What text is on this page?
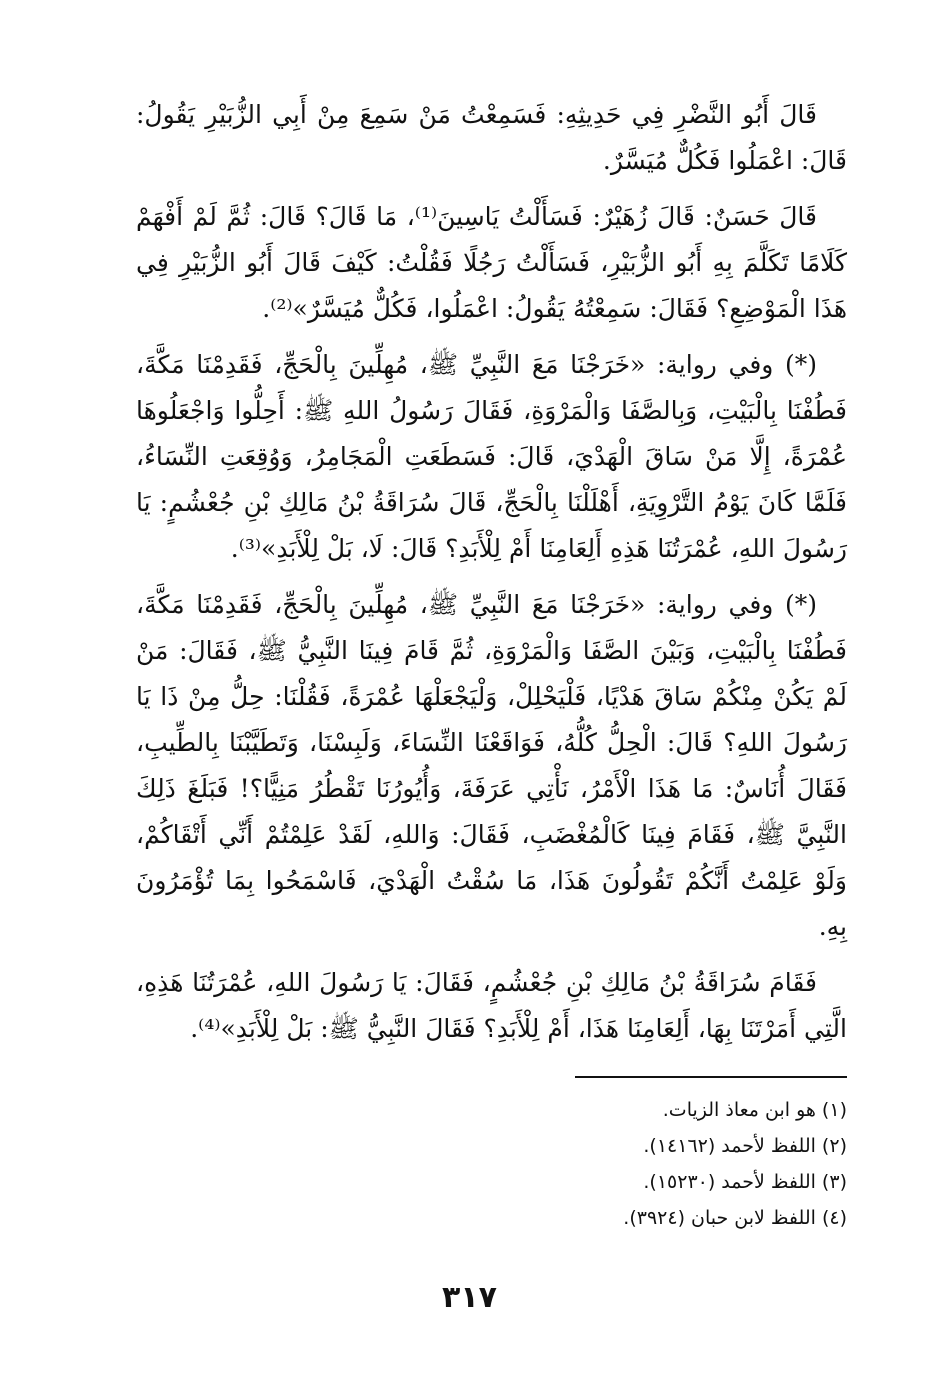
قَالَ أَبُو النَّضْرِ فِي حَدِيثِهِ: فَسَمِعْتُ مَنْ سَمِعَ مِنْ أَبِي الزُّبَيْرِ يَقُولُ: قَالَ: اعْمَلُوا فَكُلٌّ مُيَسَّرٌ.

قَالَ حَسَنٌ: قَالَ زُهَيْرٌ: فَسَأَلْتُ يَاسِينَ⁽¹⁾، مَا قَالَ؟ قَالَ: ثُمَّ لَمْ أَفْهَمْ كَلَامًا تَكَلَّمَ بِهِ أَبُو الزُّبَيْرِ، فَسَأَلْتُ رَجُلًا فَقُلْتُ: كَيْفَ قَالَ أَبُو الزُّبَيْرِ فِي هَذَا الْمَوْضِعِ؟ فَقَالَ: سَمِعْتُهُ يَقُولُ: اعْمَلُوا، فَكُلٌّ مُيَسَّرٌ»⁽²⁾.

(*) وفي رواية: «خَرَجْنَا مَعَ النَّبِيِّ ﷺ، مُهِلِّينَ بِالْحَجِّ، فَقَدِمْنَا مَكَّةَ، فَطُفْنَا بِالْبَيْتِ، وَبِالصَّفَا وَالْمَرْوَةِ، فَقَالَ رَسُولُ اللهِ ﷺ: أَحِلُّوا وَاجْعَلُوهَا عُمْرَةً، إِلَّا مَنْ سَاقَ الْهَدْيَ، قَالَ: فَسَطَعَتِ الْمَجَامِرُ، وَوُقِعَتِ النِّسَاءُ، فَلَمَّا كَانَ يَوْمُ التَّرْوِيَةِ، أَهْلَلْنَا بِالْحَجِّ، قَالَ سُرَاقَةُ بْنُ مَالِكِ بْنِ جُعْشُمٍ: يَا رَسُولَ اللهِ، عُمْرَتُنَا هَذِهِ أَلِعَامِنَا أَمْ لِلْأَبَدِ؟ قَالَ: لَا، بَلْ لِلْأَبَدِ»⁽³⁾.

(*) وفي رواية: «خَرَجْنَا مَعَ النَّبِيِّ ﷺ، مُهِلِّينَ بِالْحَجِّ، فَقَدِمْنَا مَكَّةَ، فَطُفْنَا بِالْبَيْتِ، وَبَيْنَ الصَّفَا وَالْمَرْوَةِ، ثُمَّ قَامَ فِينَا النَّبِيُّ ﷺ، فَقَالَ: مَنْ لَمْ يَكُنْ مِنْكُمْ سَاقَ هَدْيًا، فَلْيَحْلِلْ، وَلْيَجْعَلْهَا عُمْرَةً، فَقُلْنَا: حِلُّ مِنْ ذَا يَا رَسُولَ اللهِ؟ قَالَ: الْحِلُّ كُلُّهُ، فَوَاقَعْنَا النِّسَاءَ، وَلَبِسْنَا، وَتَطَيَّبْنَا بِالطِّيبِ، فَقَالَ أُنَاسٌ: مَا هَذَا الْأَمْرُ، نَأْتِي عَرَفَةَ، وَأُيُورُنَا تَقْطُرُ مَنِيًّا؟! فَبَلَغَ ذَلِكَ النَّبِيَّ ﷺ، فَقَامَ فِينَا كَالْمُغْضَبِ، فَقَالَ: وَاللهِ، لَقَدْ عَلِمْتُمْ أَنِّي أَتْقَاكُمْ، وَلَوْ عَلِمْتُ أَنَّكُمْ تَقُولُونَ هَذَا، مَا سُقْتُ الْهَدْيَ، فَاسْمَحُوا بِمَا تُؤْمَرُونَ بِهِ.

فَقَامَ سُرَاقَةُ بْنُ مَالِكِ بْنِ جُعْشُمٍ، فَقَالَ: يَا رَسُولَ اللهِ، عُمْرَتُنَا هَذِهِ، الَّتِي أَمَرْتَنَا بِهَا، أَلِعَامِنَا هَذَا، أَمْ لِلْأَبَدِ؟ فَقَالَ النَّبِيُّ ﷺ: بَلْ لِلْأَبَدِ»⁽⁴⁾.

(١) هو ابن معاذ الزيات.

(٢) اللفظ لأحمد (١٤١٦٢).

(٣) اللفظ لأحمد (١٥٢٣٠).

(٤) اللفظ لابن حبان (٣٩٢٤).

٣١٧
